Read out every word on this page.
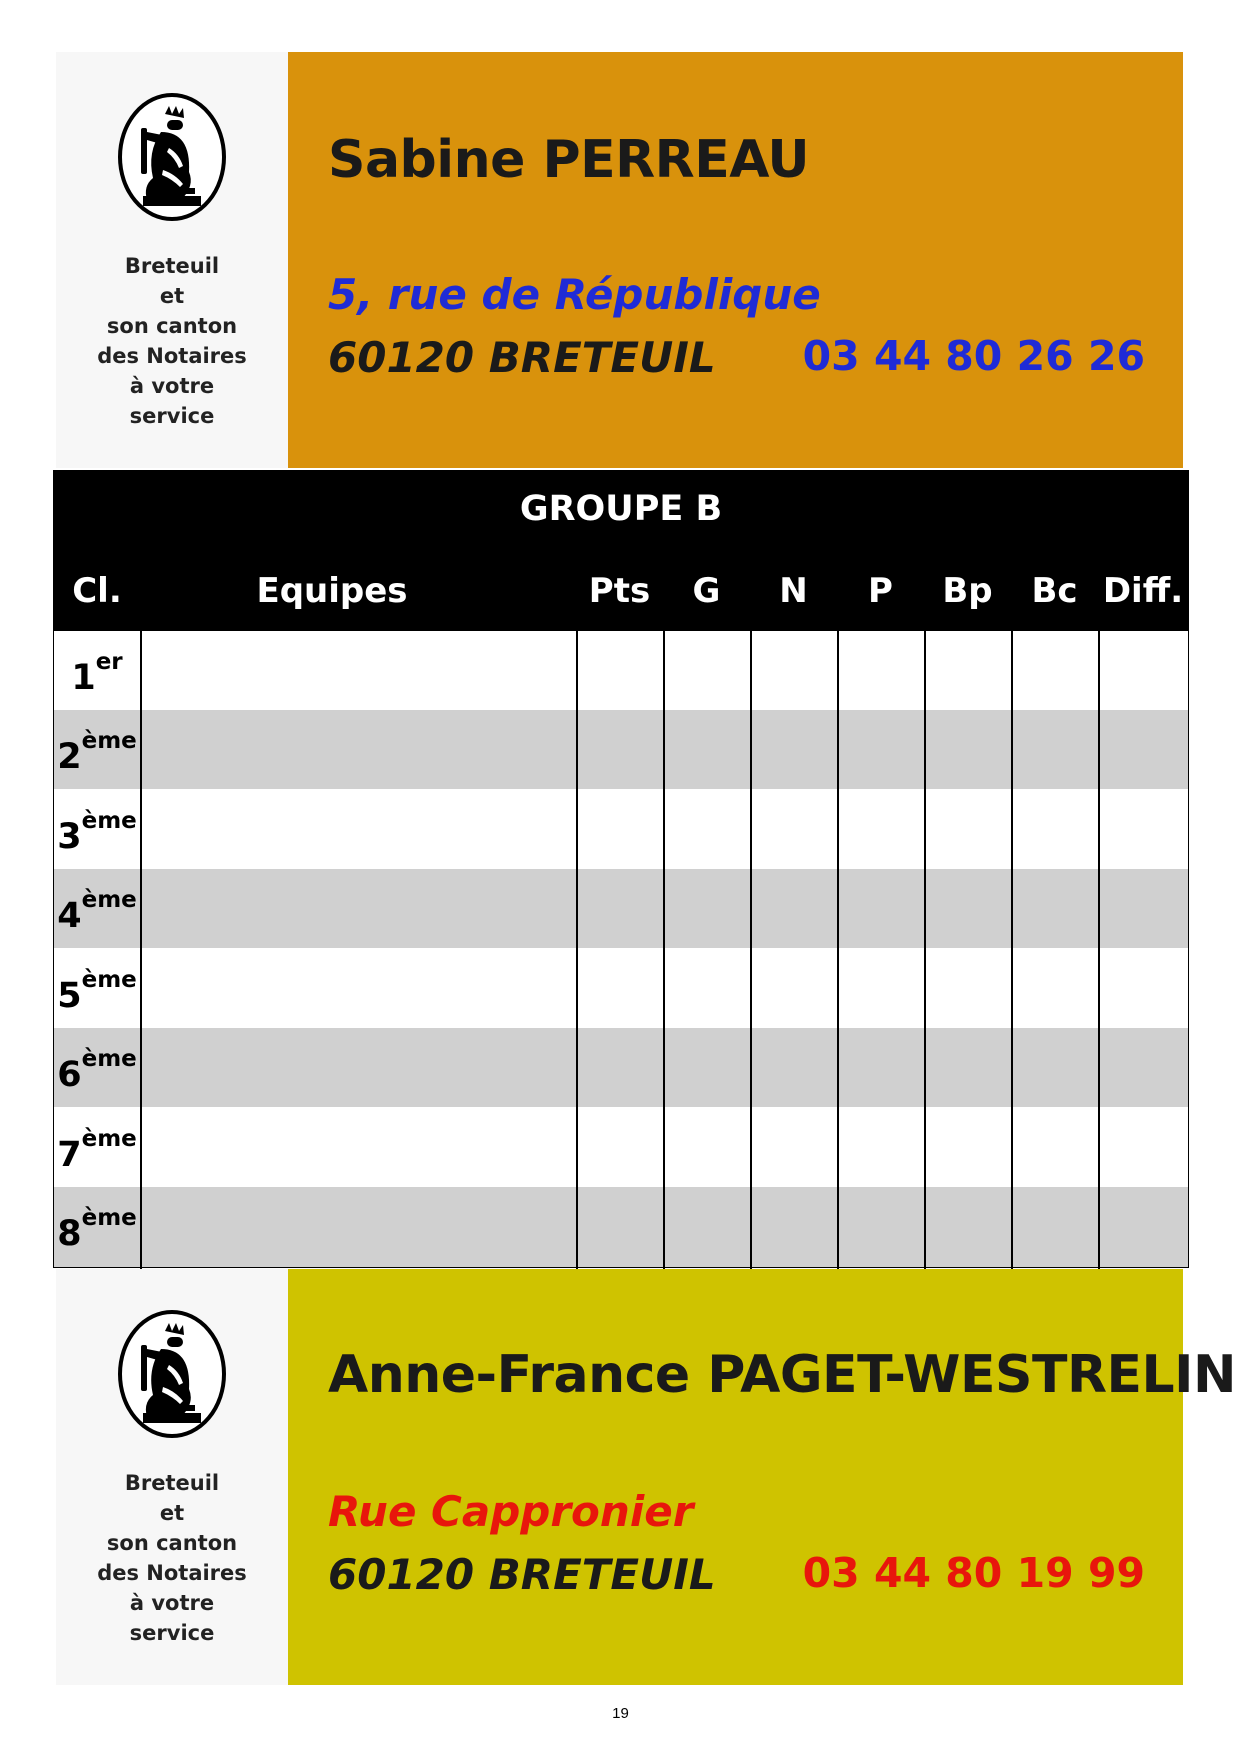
Breteuil
et
son canton
des Notaires
à votre
service
Sabine PERREAU
5, rue de République
60120 BRETEUIL 03 44 80 26 26
GROUPE B
Cl.	Equipes	Pts	G	N	P	Bp	Bc Diff.
1er
2ème
3ème
4ème
5ème
6ème
7ème
8ème
Breteuil
et
son canton
des Notaires
à votre
service
Anne-France PAGET-WESTRELIN
Rue Cappronier
60120 BRETEUIL 03 44 80 19 99
19
